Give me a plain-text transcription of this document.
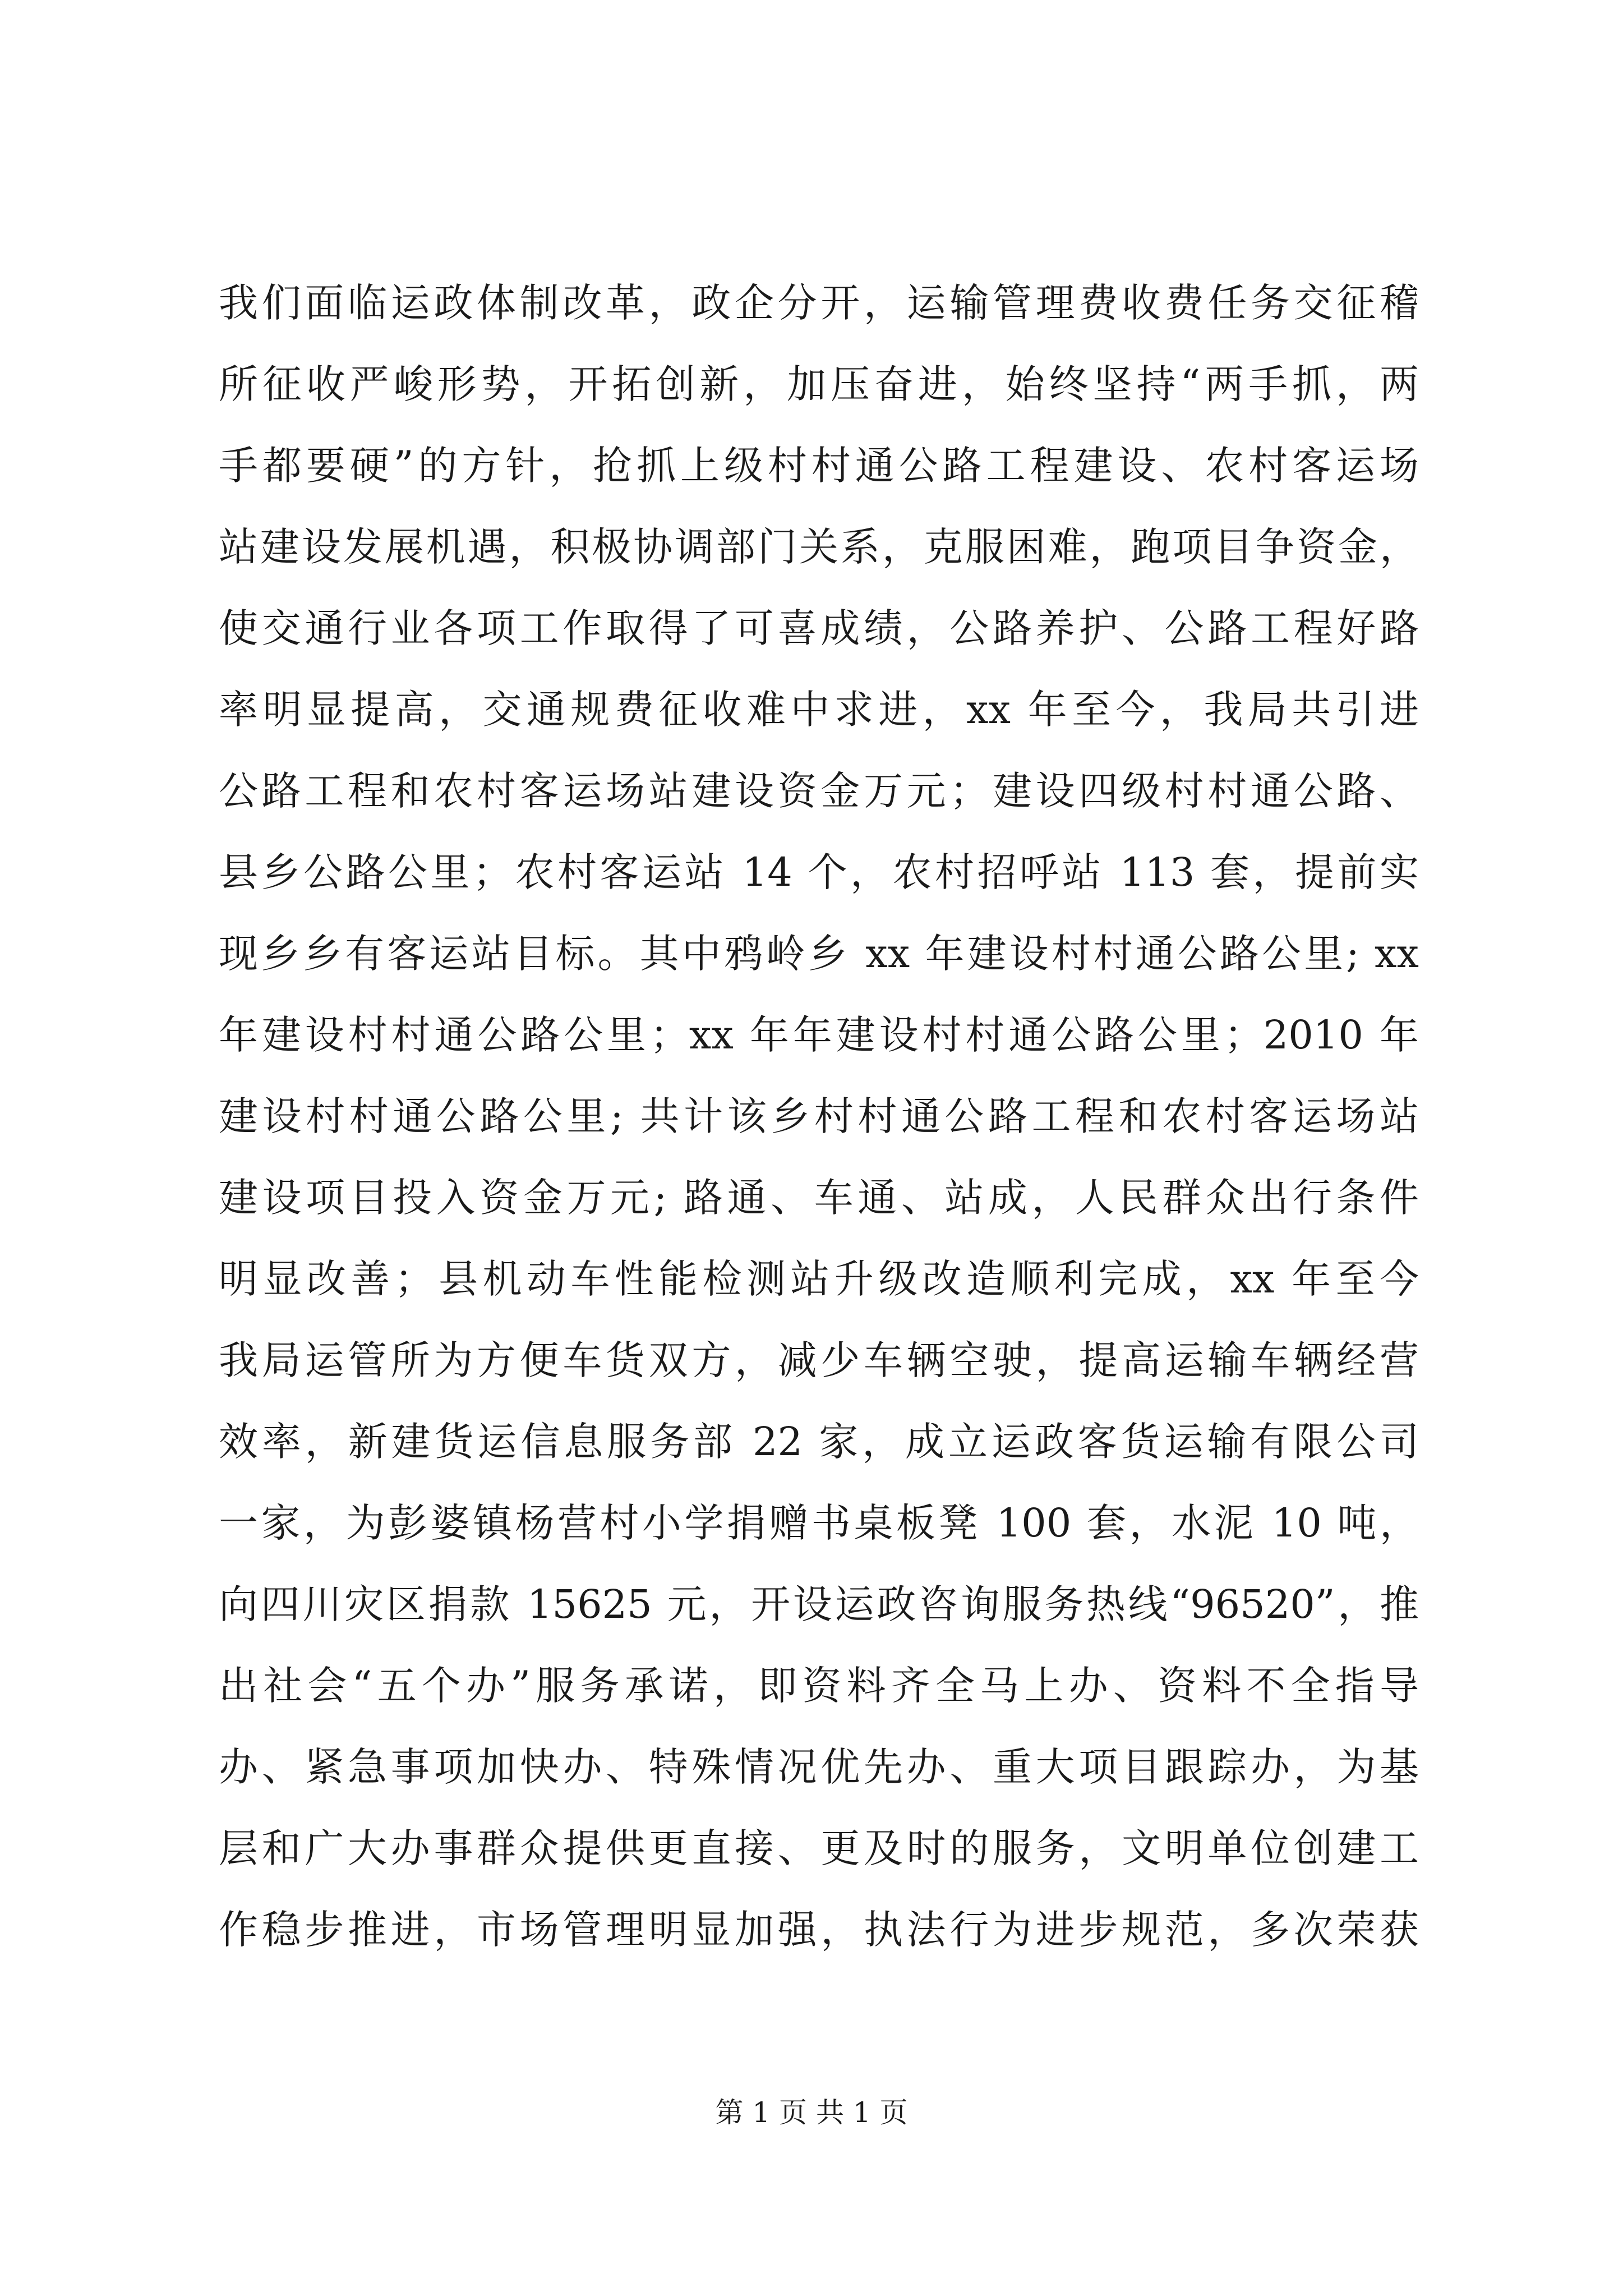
我们面临运政体制改革，政企分开，运输管理费收费任务交征稽
所征收严峻形势，开拓创新，加压奋进，始终坚持“两手抓，两
手都要硬”的方针，抢抓上级村村通公路工程建设、农村客运场
站建设发展机遇，积极协调部门关系，克服困难，跑项目争资金，
使交通行业各项工作取得了可喜成绩，公路养护、公路工程好路
率明显提高，交通规费征收难中求进，xx 年至今，我局共引进
公路工程和农村客运场站建设资金万元；建设四级村村通公路、
县乡公路公里；农村客运站 14 个，农村招呼站 113 套，提前实
现乡乡有客运站目标。其中鸦岭乡 xx 年建设村村通公路公里; xx
年建设村村通公路公里；xx 年年建设村村通公路公里；2010 年
建设村村通公路公里; 共计该乡村村通公路工程和农村客运场站
建设项目投入资金万元; 路通、车通、站成，人民群众出行条件
明显改善；县机动车性能检测站升级改造顺利完成，xx 年至今
我局运管所为方便车货双方，减少车辆空驶，提高运输车辆经营
效率，新建货运信息服务部 22 家，成立运政客货运输有限公司
一家，为彭婆镇杨营村小学捐赠书桌板凳 100 套，水泥 10 吨，
向四川灾区捐款 15625 元，开设运政咨询服务热线“96520”，推
出社会“五个办”服务承诺，即资料齐全马上办、资料不全指导
办、紧急事项加快办、特殊情况优先办、重大项目跟踪办，为基
层和广大办事群众提供更直接、更及时的服务，文明单位创建工
作稳步推进，市场管理明显加强，执法行为进步规范，多次荣获
第 1 页 共 1 页
